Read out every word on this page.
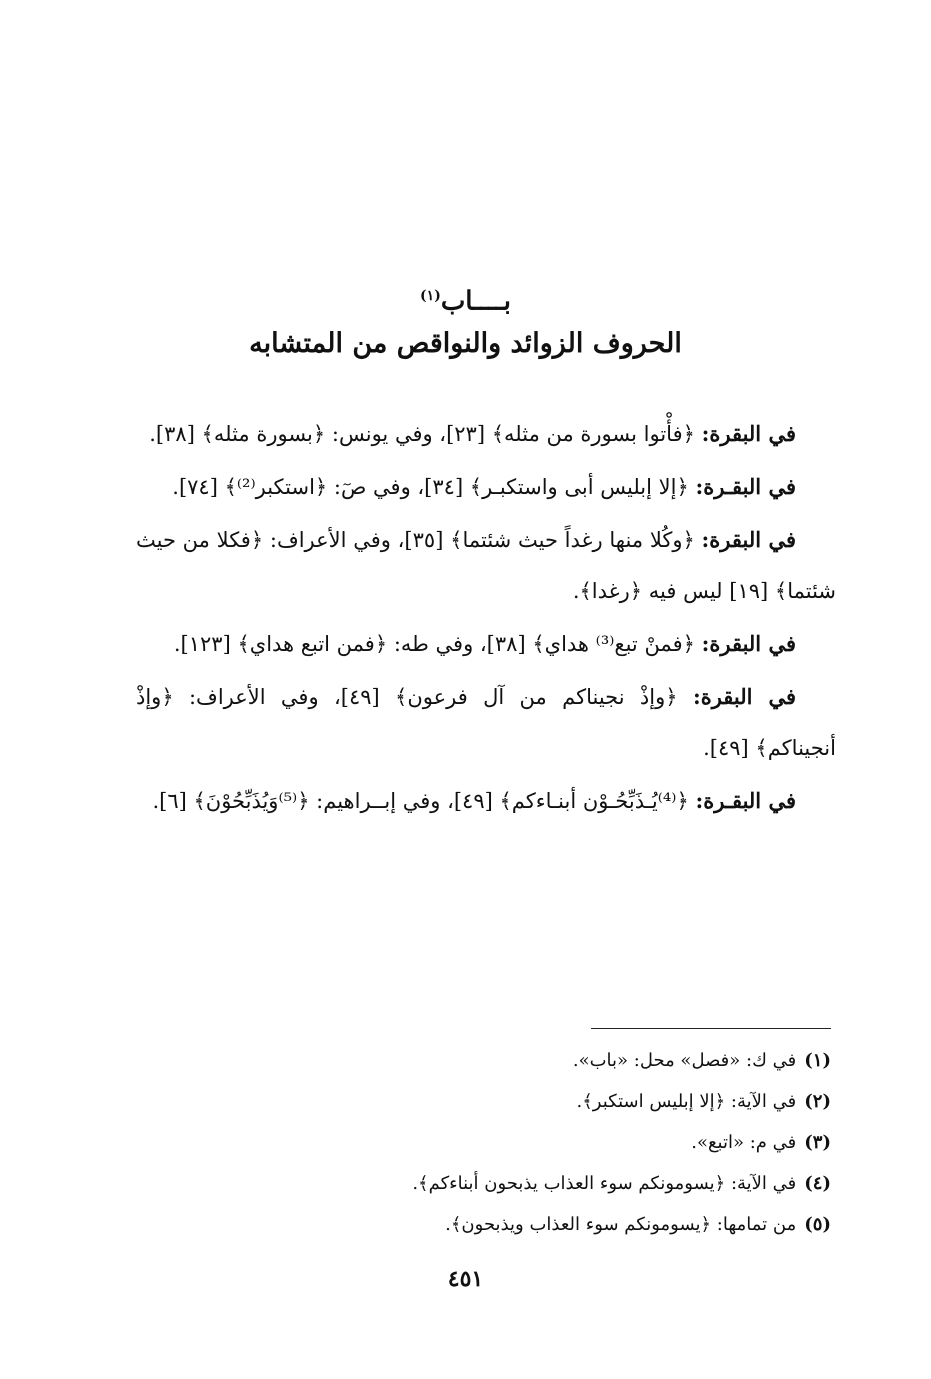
بــــاب$^{(١)}$
الحروف الزوائد والنواقص من المتشابه

في البقرة: ﴿فأْتوا بسورة من مثله﴾ [٢٣]، وفي يونس: ﴿بسورة مثله﴾ [٣٨].

في البقـرة: ﴿إلا إبليس أبى واستكبـر﴾ [٣٤]، وفي صٓ: ﴿استكبر⁽²⁾﴾ [٧٤].

في البقرة: ﴿وكُلا منها رغداً حيث شئتما﴾ [٣٥]، وفي الأعراف: ﴿فكلا من حيث شئتما﴾ [١٩] ليس فيه ﴿رغدا﴾.

في البقرة: ﴿فمنْ تبع⁽³⁾ هداي﴾ [٣٨]، وفي طه: ﴿فمن اتبع هداي﴾ [١٢٣].

في البقرة: ﴿وإذْ نجيناكم من آل فرعون﴾ [٤٩]، وفي الأعراف: ﴿وإذْ أنجيناكم﴾ [٤٩].

في البقـرة: ﴿⁽⁴⁾يُـذَبِّحُـوْن أبنـاءكم﴾ [٤٩]، وفي إبــراهيم: ﴿⁽⁵⁾وَيُذَبِّحُوْنَ﴾ [٦].

(١)في ك: «فصل» محل: «باب».
(٢)في الآية: ﴿إلا إبليس استكبر﴾.
(٣)في م: «اتبع».
(٤)في الآية: ﴿يسومونكم سوء العذاب يذبحون أبناءكم﴾.
(٥)من تمامها: ﴿يسومونكم سوء العذاب ويذبحون﴾.
٤٥١
